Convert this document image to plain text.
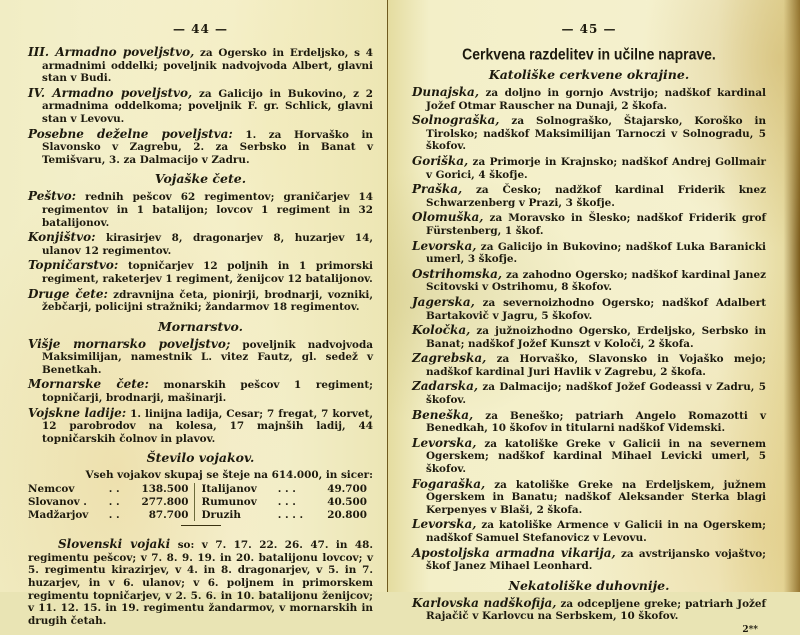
— 44 —

III. Armadno poveljstvo, za Ogersko in Erdeljsko, s 4 armadnimi oddelki; poveljnik nadvojvoda Albert, glavni stan v Budi.

IV. Armadno poveljstvo, za Galicijo in Bukovino, z 2 armadnima oddelkoma; poveljnik F. gr. Schlick, glavni stan v Levovu.

Posebne deželne poveljstva: 1. za Horvaško in Slavonsko v Zagrebu, 2. za Serbsko in Banat v Temišvaru, 3. za Dalmacijo v Zadru.

Vojaške čete.

Peštvo: rednih pešcov 62 regimentov; graničarjev 14 regimentov in 1 batalijon; lovcov 1 regiment in 32 batalijonov.

Konjištvo: kirasirjev 8, dragonarjev 8, huzarjev 14, ulanov 12 regimentov.

Topničarstvo: topničarjev 12 poljnih in 1 primorski regiment, raketerjev 1 regiment, ženijcov 12 batalijonov.

Druge čete: zdravnijna četa, pionirji, brodnarji, vozniki, žebčarji, policijni stražniki; žandarmov 18 regimentov.

Mornarstvo.

Višje mornarsko poveljstvo; poveljnik nadvojvoda Maksimilijan, namestnik L. vitez Fautz, gl. sedež v Benetkah.

Mornarske čete: monarskih pešcov 1 regiment; topničarji, brodnarji, mašinarji.

Vojskne ladije: 1. linijna ladija, Cesar; 7 fregat, 7 korvet, 12 parobrodov na kolesa, 17 majnših ladij, 44 topničarskih čolnov in plavov.

Število vojakov.
Vseh vojakov skupaj se šteje na 614.000, in sicer:
Nemcov	. .	138.500	Italijanov	. . .	49.700
Slovanov .	. .	277.800	Rumunov	. . .	40.500
Madžarjov	. .	87.700	Druzih	. . . .	20.800

Slovenski vojaki so: v 7. 17. 22. 26. 47. in 48. regimentu pešcov; v 7. 8. 9. 19. in 20. batalijonu lovcov; v 5. regimentu kirazirjev, v 4. in 8. dragonarjev, v 5. in 7. huzarjev, in v 6. ulanov; v 6. poljnem in primorskem regimentu topničarjev, v 2. 5. 6. in 10. batalijonu ženijcov; v 11. 12. 15. in 19. regimentu žandarmov, v mornarskih in drugih četah.

— 45 —
Cerkvena razdelitev in učilne naprave.
Katoliške cerkvene okrajine.

Dunajska, za doljno in gornjo Avstrijo; nadškof kardinal Jožef Otmar Rauscher na Dunaji, 2 škofa.

Solnograška, za Solnograško, Štajarsko, Koroško in Tirolsko; nadškof Maksimilijan Tarnoczi v Solnogradu, 5 škofov.

Goriška, za Primorje in Krajnsko; nadškof Andrej Gollmair v Gorici, 4 škofje.

Praška, za Česko; nadžkof kardinal Friderik knez Schwarzenberg v Prazi, 3 škofje.

Olomuška, za Moravsko in Šlesko; nadškof Friderik grof Fürstenberg, 1 škof.

Levorska, za Galicijo in Bukovino; nadškof Luka Baranicki umerl, 3 škofje.

Ostrihomska, za zahodno Ogersko; nadškof kardinal Janez Scitovski v Ostrihomu, 8 škofov.

Jagerska, za severnoizhodno Ogersko; nadškof Adalbert Bartakovič v Jagru, 5 škofov.

Koločka, za južnoizhodno Ogersko, Erdeljsko, Serbsko in Banat; nadškof Jožef Kunszt v Koloči, 2 škofa.

Zagrebska, za Horvaško, Slavonsko in Vojaško mejo; nadškof kardinal Juri Havlik v Zagrebu, 2 škofa.

Zadarska, za Dalmacijo; nadškof Jožef Godeassi v Zadru, 5 škofov.

Beneška, za Beneško; patriarh Angelo Romazotti v Benedkah, 10 škofov in titularni nadškof Videmski.

Levorska, za katoliške Greke v Galicii in na severnem Ogerskem; nadškof kardinal Mihael Levicki umerl, 5 škofov.

Fogaraška, za katoliške Greke na Erdeljskem, južnem Ogerskem in Banatu; nadškof Aleksander Sterka blagi Kerpenyes v Blaši, 2 škofa.

Levorska, za katoliške Armence v Galicii in na Ogerskem; nadškof Samuel Stefanovicz v Levovu.

Apostoljska armadna vikarija, za avstrijansko vojaštvo; škof Janez Mihael Leonhard.

Nekatoliške duhovnije.

Karlovska nadškofija, za odcepljene greke; patriarh Jožef Rajačič v Karlovcu na Serbskem, 10 škofov.

2**
